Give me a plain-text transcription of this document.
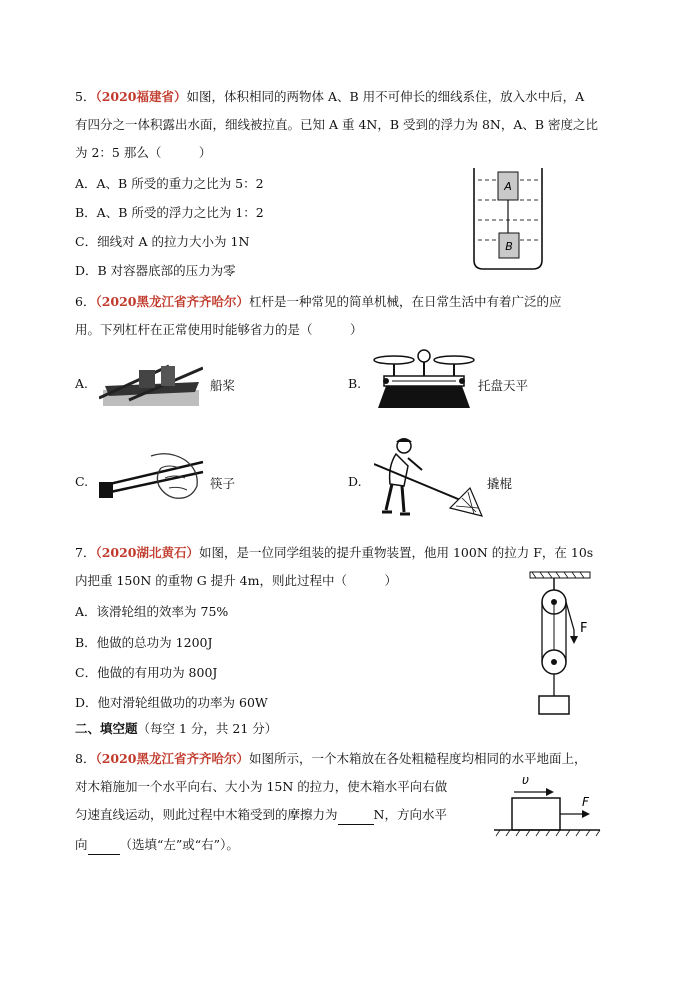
5．（2020福建省）如图，体积相同的两物体 A、B 用不可伸长的细线系住，放入水中后，A
有四分之一体积露出水面，细线被拉直。已知 A 重 4N，B 受到的浮力为 8N，A、B 密度之比
为 2：5 那么（　　　）
A．A、B 所受的重力之比为 5：2
B．A、B 所受的浮力之比为 1：2
C．细线对 A 的拉力大小为 1N
D．B 对容器底部的压力为零
A
B
6．（2020黑龙江省齐齐哈尔）杠杆是一种常见的简单机械，在日常生活中有着广泛的应
用。下列杠杆在正常使用时能够省力的是（　　　）
A.	船桨	B.	托盘天平
C.	筷子	D.	撬棍
7．（2020湖北黄石）如图，是一位同学组装的提升重物装置，他用 100N 的拉力 F，在 10s
内把重 150N 的重物 G 提升 4m，则此过程中（　　　）
A．该滑轮组的效率为 75%
B．他做的总功为 1200J
C．他做的有用功为 800J
D．他对滑轮组做功的功率为 60W
F
二、填空题（每空 1 分，共 21 分）
8．（2020黑龙江省齐齐哈尔）如图所示，一个木箱放在各处粗糙程度均相同的水平地面上，
对木箱施加一个水平向右、大小为 15N 的拉力，使木箱水平向右做
匀速直线运动，则此过程中木箱受到的摩擦力为	N，方向水平
向	（选填“左”或“右”）。
υ
F
